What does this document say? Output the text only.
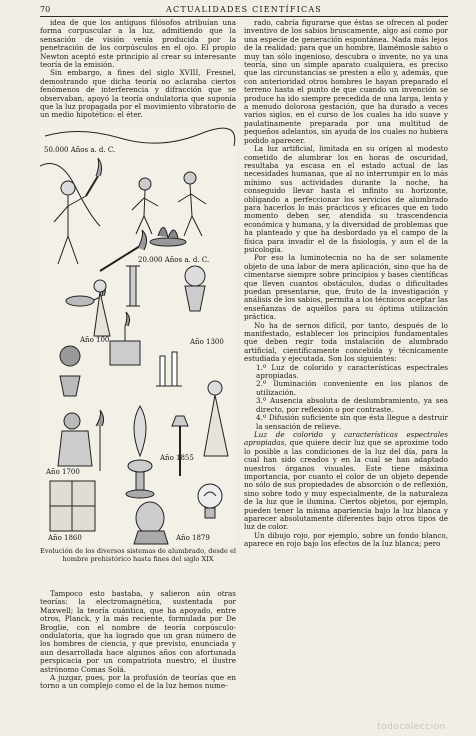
70	ACTUALIDADES CIENTÍFICAS

idea de que los antiguos filósofos atribuían una forma corpuscular a la luz, admitiendo que la sensación de visión venía producida por la penetración de los corpúsculos en el ojo. El propio Newton aceptó este principio al crear su interesante teoría de la emisión.

Sin embargo, a fines del siglo XVIII, Fresnel, demostrando que dicha teoría no aclaraba ciertos fenómenos de interferencia y difracción que se observaban, apoyó la teoría ondulatoria que suponía que la luz propagada por el movimiento vibratorio de un medio hipotético: el éter.

50.000 Años a. d. C.
20.000 Años a. d. C.
Año 100	Año 1300
Año 1700
Año 1855
Año 1860	Año 1879
Evolución de los diversos sistemas de alumbrado, desde el hombre prehistórico hasta fines del siglo XIX

Tampoco esto bastaba, y salieron aún otras teorías: la electromagnética, sustentada por Maxwell; la teoría cuántica, que ha apoyado, entre otros, Planck, y la más reciente, formulada por De Broglie, con el nombre de teoría corpúsculo-ondulatoria, que ha logrado que un gran número de los hombres de ciencia, y que previsto, enunciada y aun desarrollada hace algunos años con afortunada perspicacia por un compatriota nuestro, el ilustre astrónomo Comas Solá.

A juzgar, pues, por la profusión de teorías que en torno a un complejo como el de la luz hemos nume-

rado, cabría figurarse que éstas se ofrecen al poder inventivo de los sabios bruscamente, algo así como por una especie de generación espontánea. Nada más lejos de la realidad; para que un hombre, llamémosle sabio o muy tan sólo ingenioso, descubra o invente, no ya una teoría, sino un simple aparato cualquiera, es preciso que las circunstancias se presten a ello y, además, que con anterioridad otros hombres le hayan preparado el terreno hasta el punto de que cuando un invención se produce ha ido siempre precedida de una larga, lenta y a menudo dolorosa gestación, que ha durado a veces varios siglos, en el curso de los cuales ha ido suave y paulatinamente preparada por una multitud de pequeños adelantos, sin ayuda de los cuales no hubiera podido aparecer.

La luz artificial, limitada en su origen al modesto cometido de alumbrar los en horas de oscuridad, resultaba ya escasa en el estado actual de las necesidades humanas, que al no interrumpir en lo más mínimo sus actividades durante la noche, ha conseguido llevar hasta el infinito su horizonte, obligando a perfeccionar los servicios de alumbrado para hacerlos lo más prácticos y eficaces que en todo momento deben ser, atendida su trascendencia económica y humana, y la diversidad de problemas que ha planteado y que ha desbordado ya el campo de la física para invadir el de la fisiología, y aun el de la psicología.

Por eso la luminotecnia no ha de ser solamente objeto de una labor de mera aplicación, sino que ha de cimentarse siempre sobre principios y bases científicas que lleven cuantos obstáculos, dudas o dificultades puedan presentarse, que, fruto de la investigación y análisis de los sabios, permita a los técnicos aceptar las enseñanzas de aquéllos para su óptima utilización práctica.

No ha de sernos difícil, por tanto, después de lo manifestado, establecer los principios fundamentales que deben regir toda instalación de alumbrado artificial, científicamente concebida y técnicamente estudiada y ejecutada. Son los siguientes:

1.º Luz de colorido y características espectrales apropiadas.

2.º Iluminación conveniente en los planos de utilización.

3.º Ausencia absoluta de deslumbramiento, ya sea directo, por reflexión o por contraste.

4.º Difusión suficiente sin que ésta llegue a destruir la sensación de relieve.

Luz de colorido y características espectrales apropiadas, que quiere decir luz que se aproxime todo lo posible a las condiciones de la luz del día, para la cual han sido creados y en la cual se han adaptado nuestros órganos visuales. Este tiene máxima importancia, por cuanto el color de un objeto depende no sólo de sus propiedades de absorción o de reflexión, sino sobre todo y muy especialmente, de la naturaleza de la luz que le ilumina. Ciertos objetos, por ejemplo, pueden tener la misma apariencia bajo la luz blanca y aparecer absolutamente diferentes bajo otros tipos de luz de color.

Un dibujo rojo, por ejemplo, sobre un fondo blanco, aparece en rojo bajo los efectos de la luz blanca; pero

todocoleccion
